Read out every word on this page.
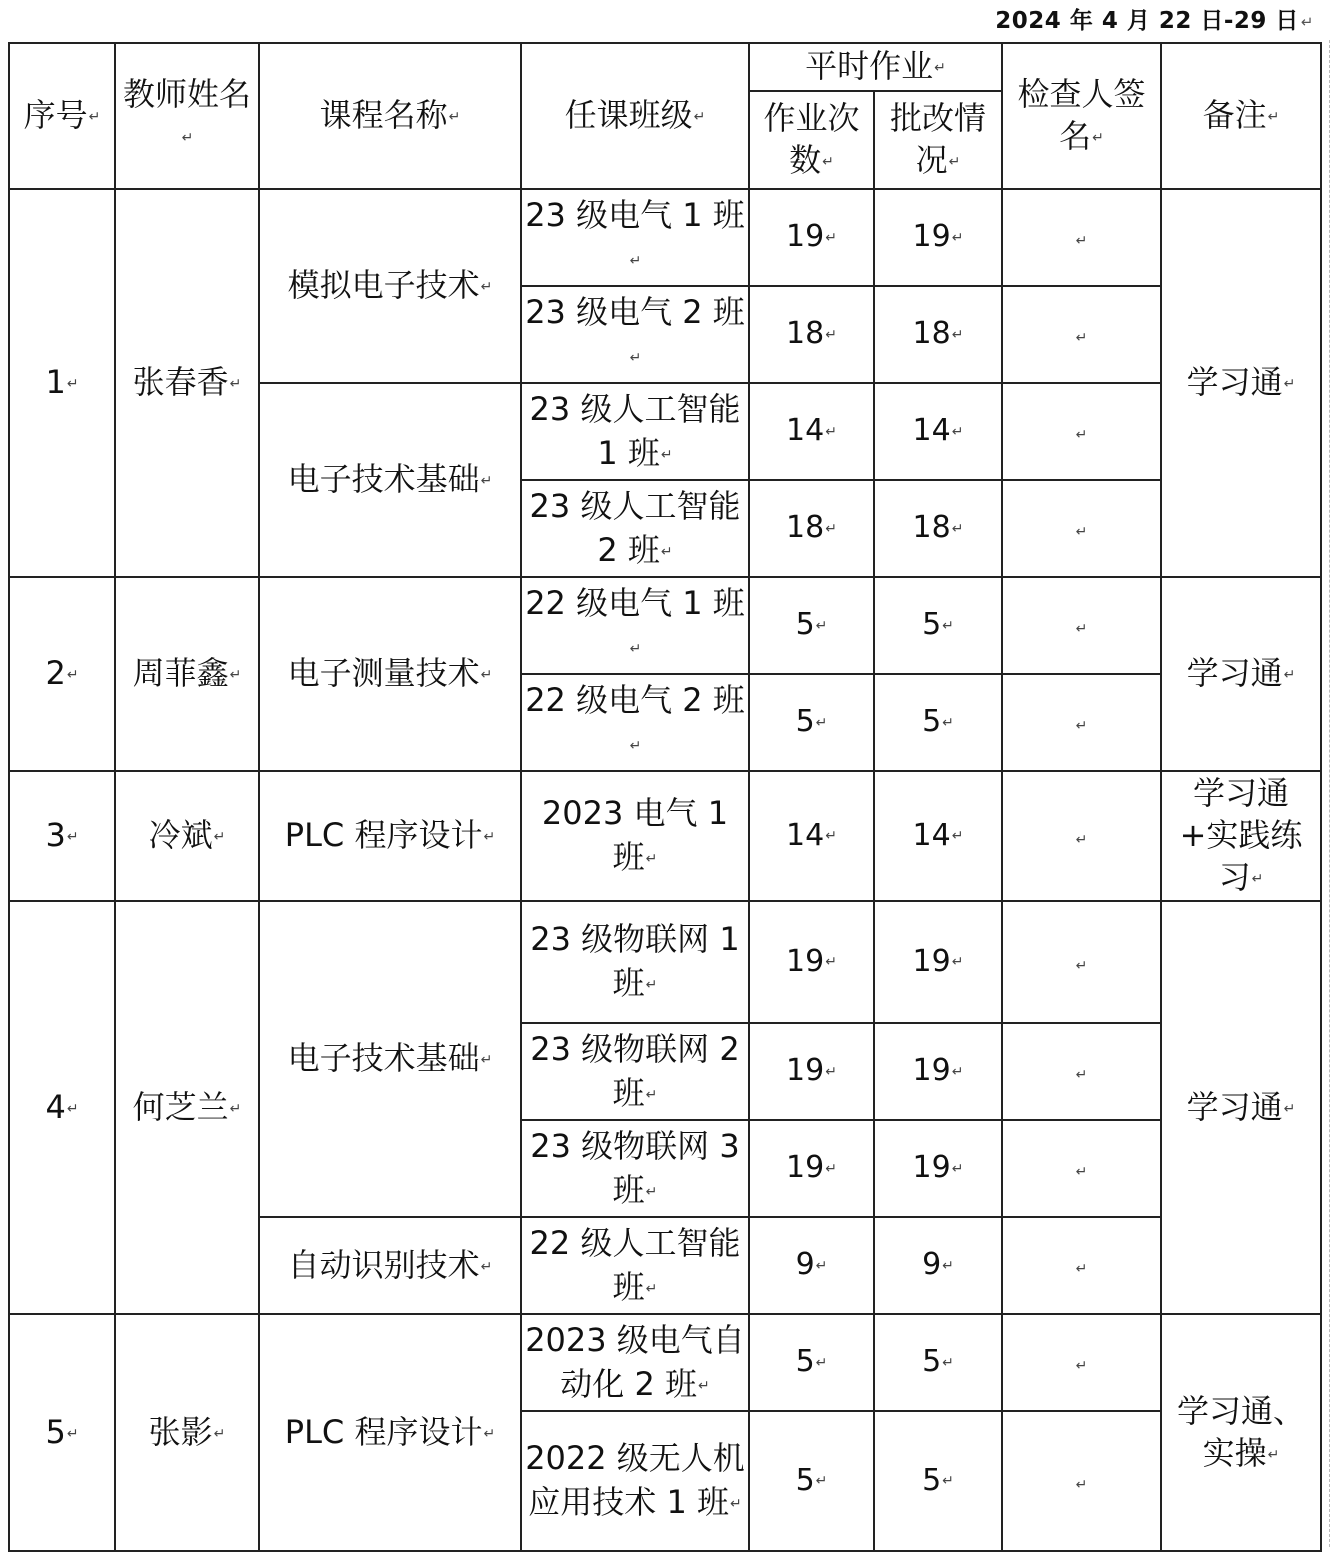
2024 年 4 月 22 日-29 日 ↵
序号↵	教师姓名↵	课程名称↵	任课班级↵	平时作业↵		检查人签名↵	备注↵
				作业次数↵	批改情况↵		
1↵	张春香↵	模拟电子技术↵	23 级电气 1 班↵	19↵	19↵	↵	学习通↵
			23 级电气 2 班↵	18↵	18↵	↵	
		电子技术基础↵	23 级人工智能 1 班↵	14↵	14↵	↵	
			23 级人工智能 2 班↵	18↵	18↵	↵	
2↵	周菲鑫↵	电子测量技术↵	22 级电气 1 班↵	5↵	5↵	↵	学习通↵
			22 级电气 2 班↵	5↵	5↵	↵	
3↵	冷斌↵	PLC 程序设计↵	2023 电气 1 班↵	14↵	14↵	↵	学习通+实践练习↵
4↵	何芝兰↵	电子技术基础↵	23 级物联网 1 班↵	19↵	19↵	↵	学习通↵
			23 级物联网 2 班↵	19↵	19↵	↵	
			23 级物联网 3 班↵	19↵	19↵	↵	
		自动识别技术↵	22 级人工智能班↵	9↵	9↵	↵	
5↵	张影↵	PLC 程序设计↵	2023 级电气自动化 2 班↵	5↵	5↵	↵	学习通、实操↵
			2022 级无人机应用技术 1 班↵	5↵	5↵	↵	
